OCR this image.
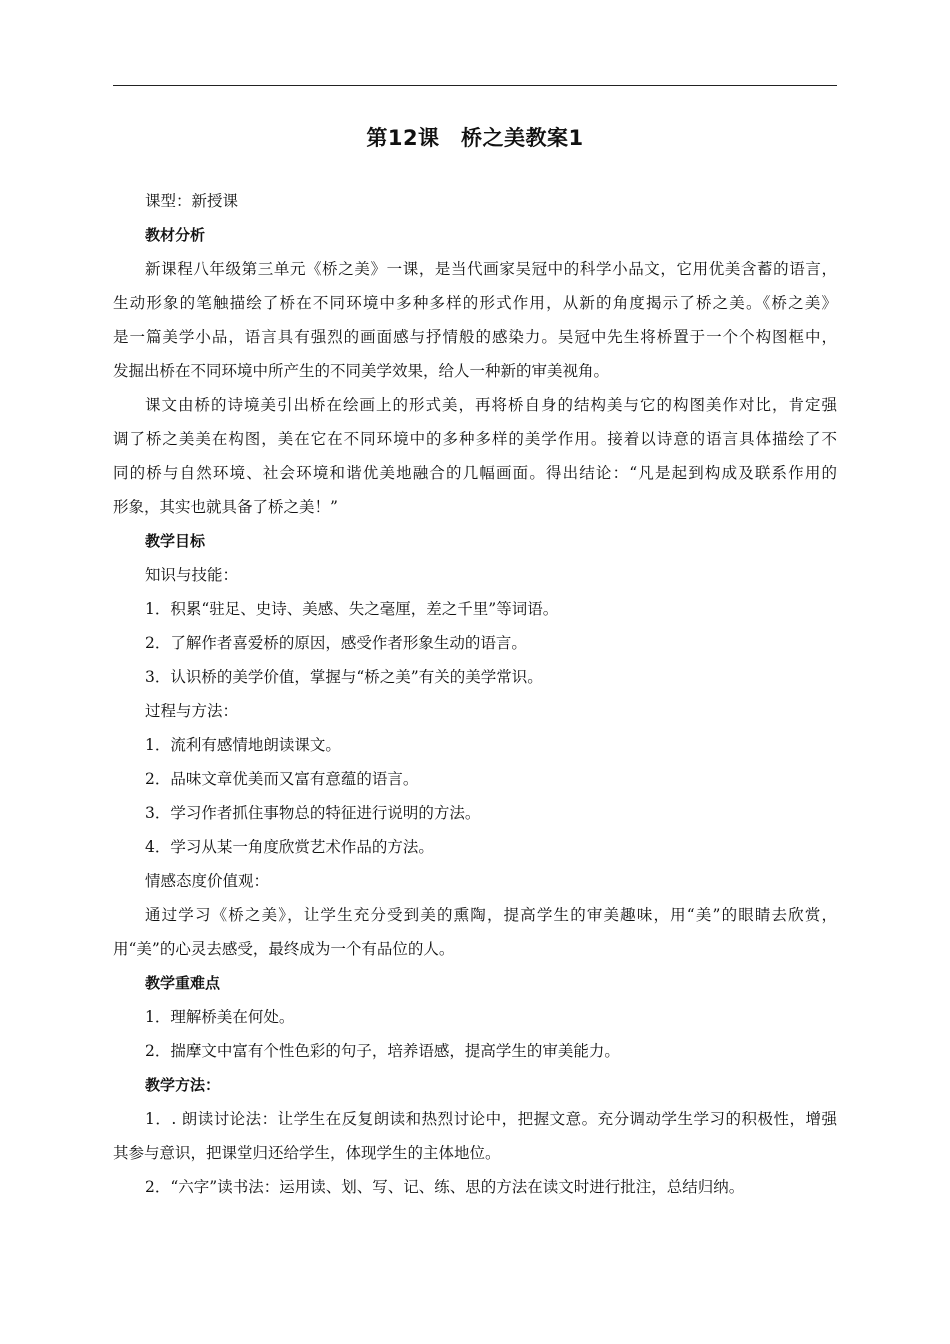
第12课　桥之美教案1
课型：新授课
教材分析
新课程八年级第三单元《桥之美》一课，是当代画家吴冠中的科学小品文，它用优美含蓄的语言，
生动形象的笔触描绘了桥在不同环境中多种多样的形式作用，从新的角度揭示了桥之美。《桥之美》
是一篇美学小品，语言具有强烈的画面感与抒情般的感染力。吴冠中先生将桥置于一个个构图框中，
发掘出桥在不同环境中所产生的不同美学效果，给人一种新的审美视角。
课文由桥的诗境美引出桥在绘画上的形式美，再将桥自身的结构美与它的构图美作对比，肯定强
调了桥之美美在构图，美在它在不同环境中的多种多样的美学作用。接着以诗意的语言具体描绘了不
同的桥与自然环境、社会环境和谐优美地融合的几幅画面。得出结论：“凡是起到构成及联系作用的
形象，其实也就具备了桥之美！”
教学目标
知识与技能：
1．积累“驻足、史诗、美感、失之毫厘，差之千里”等词语。
2．了解作者喜爱桥的原因，感受作者形象生动的语言。
3．认识桥的美学价值，掌握与“桥之美”有关的美学常识。
过程与方法：
1．流利有感情地朗读课文。
2．品味文章优美而又富有意蕴的语言。
3．学习作者抓住事物总的特征进行说明的方法。
4．学习从某一角度欣赏艺术作品的方法。
情感态度价值观：
通过学习《桥之美》，让学生充分受到美的熏陶，提高学生的审美趣味，用“美”的眼睛去欣赏，
用“美”的心灵去感受，最终成为一个有品位的人。
教学重难点
1．理解桥美在何处。
2．揣摩文中富有个性色彩的句子，培养语感，提高学生的审美能力。
教学方法：
1．. 朗读讨论法：让学生在反复朗读和热烈讨论中，把握文意。充分调动学生学习的积极性，增强
其参与意识，把课堂归还给学生，体现学生的主体地位。
2．“六字”读书法：运用读、划、写、记、练、思的方法在读文时进行批注，总结归纳。
